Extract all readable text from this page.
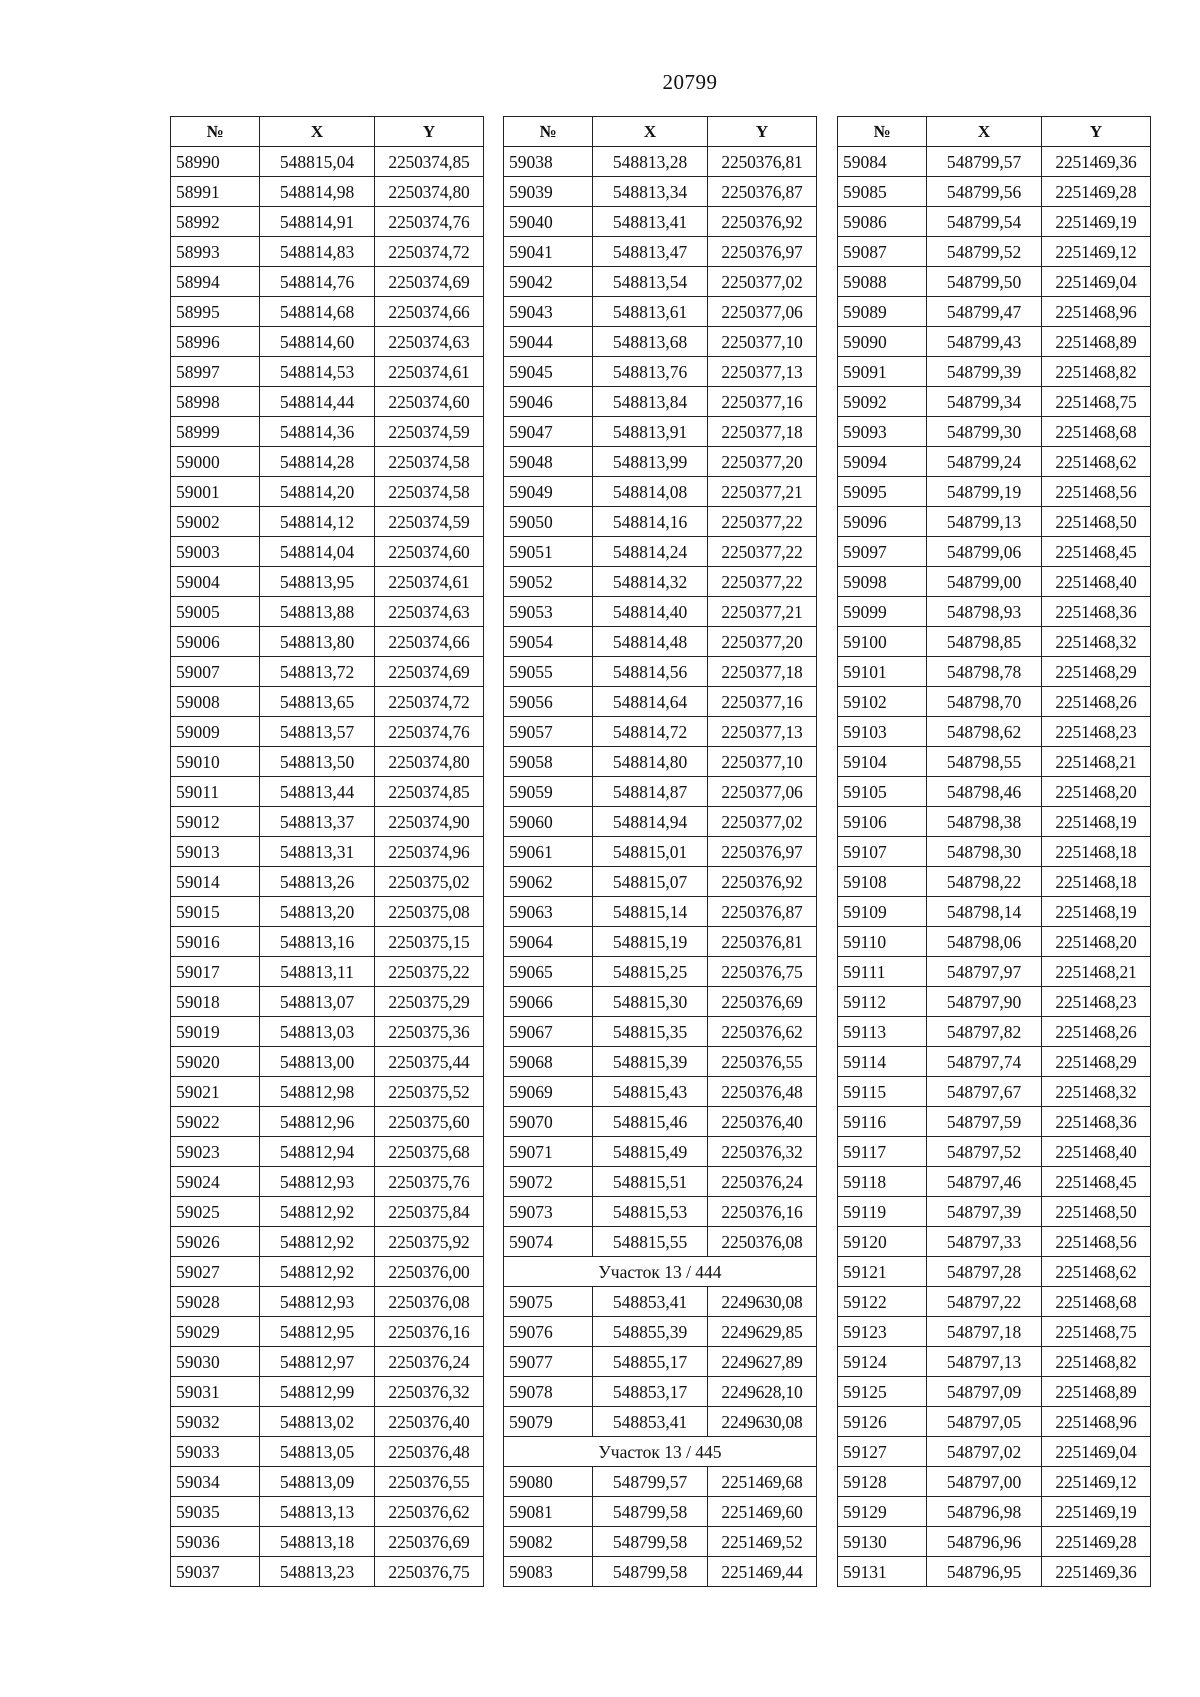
20799
№	X	Y
58990	548815,04	2250374,85
58991	548814,98	2250374,80
58992	548814,91	2250374,76
58993	548814,83	2250374,72
58994	548814,76	2250374,69
58995	548814,68	2250374,66
58996	548814,60	2250374,63
58997	548814,53	2250374,61
58998	548814,44	2250374,60
58999	548814,36	2250374,59
59000	548814,28	2250374,58
59001	548814,20	2250374,58
59002	548814,12	2250374,59
59003	548814,04	2250374,60
59004	548813,95	2250374,61
59005	548813,88	2250374,63
59006	548813,80	2250374,66
59007	548813,72	2250374,69
59008	548813,65	2250374,72
59009	548813,57	2250374,76
59010	548813,50	2250374,80
59011	548813,44	2250374,85
59012	548813,37	2250374,90
59013	548813,31	2250374,96
59014	548813,26	2250375,02
59015	548813,20	2250375,08
59016	548813,16	2250375,15
59017	548813,11	2250375,22
59018	548813,07	2250375,29
59019	548813,03	2250375,36
59020	548813,00	2250375,44
59021	548812,98	2250375,52
59022	548812,96	2250375,60
59023	548812,94	2250375,68
59024	548812,93	2250375,76
59025	548812,92	2250375,84
59026	548812,92	2250375,92
59027	548812,92	2250376,00
59028	548812,93	2250376,08
59029	548812,95	2250376,16
59030	548812,97	2250376,24
59031	548812,99	2250376,32
59032	548813,02	2250376,40
59033	548813,05	2250376,48
59034	548813,09	2250376,55
59035	548813,13	2250376,62
59036	548813,18	2250376,69
59037	548813,23	2250376,75
№	X	Y
59038	548813,28	2250376,81
59039	548813,34	2250376,87
59040	548813,41	2250376,92
59041	548813,47	2250376,97
59042	548813,54	2250377,02
59043	548813,61	2250377,06
59044	548813,68	2250377,10
59045	548813,76	2250377,13
59046	548813,84	2250377,16
59047	548813,91	2250377,18
59048	548813,99	2250377,20
59049	548814,08	2250377,21
59050	548814,16	2250377,22
59051	548814,24	2250377,22
59052	548814,32	2250377,22
59053	548814,40	2250377,21
59054	548814,48	2250377,20
59055	548814,56	2250377,18
59056	548814,64	2250377,16
59057	548814,72	2250377,13
59058	548814,80	2250377,10
59059	548814,87	2250377,06
59060	548814,94	2250377,02
59061	548815,01	2250376,97
59062	548815,07	2250376,92
59063	548815,14	2250376,87
59064	548815,19	2250376,81
59065	548815,25	2250376,75
59066	548815,30	2250376,69
59067	548815,35	2250376,62
59068	548815,39	2250376,55
59069	548815,43	2250376,48
59070	548815,46	2250376,40
59071	548815,49	2250376,32
59072	548815,51	2250376,24
59073	548815,53	2250376,16
59074	548815,55	2250376,08
Участок 13 / 444		
59075	548853,41	2249630,08
59076	548855,39	2249629,85
59077	548855,17	2249627,89
59078	548853,17	2249628,10
59079	548853,41	2249630,08
Участок 13 / 445		
59080	548799,57	2251469,68
59081	548799,58	2251469,60
59082	548799,58	2251469,52
59083	548799,58	2251469,44
№	X	Y
59084	548799,57	2251469,36
59085	548799,56	2251469,28
59086	548799,54	2251469,19
59087	548799,52	2251469,12
59088	548799,50	2251469,04
59089	548799,47	2251468,96
59090	548799,43	2251468,89
59091	548799,39	2251468,82
59092	548799,34	2251468,75
59093	548799,30	2251468,68
59094	548799,24	2251468,62
59095	548799,19	2251468,56
59096	548799,13	2251468,50
59097	548799,06	2251468,45
59098	548799,00	2251468,40
59099	548798,93	2251468,36
59100	548798,85	2251468,32
59101	548798,78	2251468,29
59102	548798,70	2251468,26
59103	548798,62	2251468,23
59104	548798,55	2251468,21
59105	548798,46	2251468,20
59106	548798,38	2251468,19
59107	548798,30	2251468,18
59108	548798,22	2251468,18
59109	548798,14	2251468,19
59110	548798,06	2251468,20
59111	548797,97	2251468,21
59112	548797,90	2251468,23
59113	548797,82	2251468,26
59114	548797,74	2251468,29
59115	548797,67	2251468,32
59116	548797,59	2251468,36
59117	548797,52	2251468,40
59118	548797,46	2251468,45
59119	548797,39	2251468,50
59120	548797,33	2251468,56
59121	548797,28	2251468,62
59122	548797,22	2251468,68
59123	548797,18	2251468,75
59124	548797,13	2251468,82
59125	548797,09	2251468,89
59126	548797,05	2251468,96
59127	548797,02	2251469,04
59128	548797,00	2251469,12
59129	548796,98	2251469,19
59130	548796,96	2251469,28
59131	548796,95	2251469,36
